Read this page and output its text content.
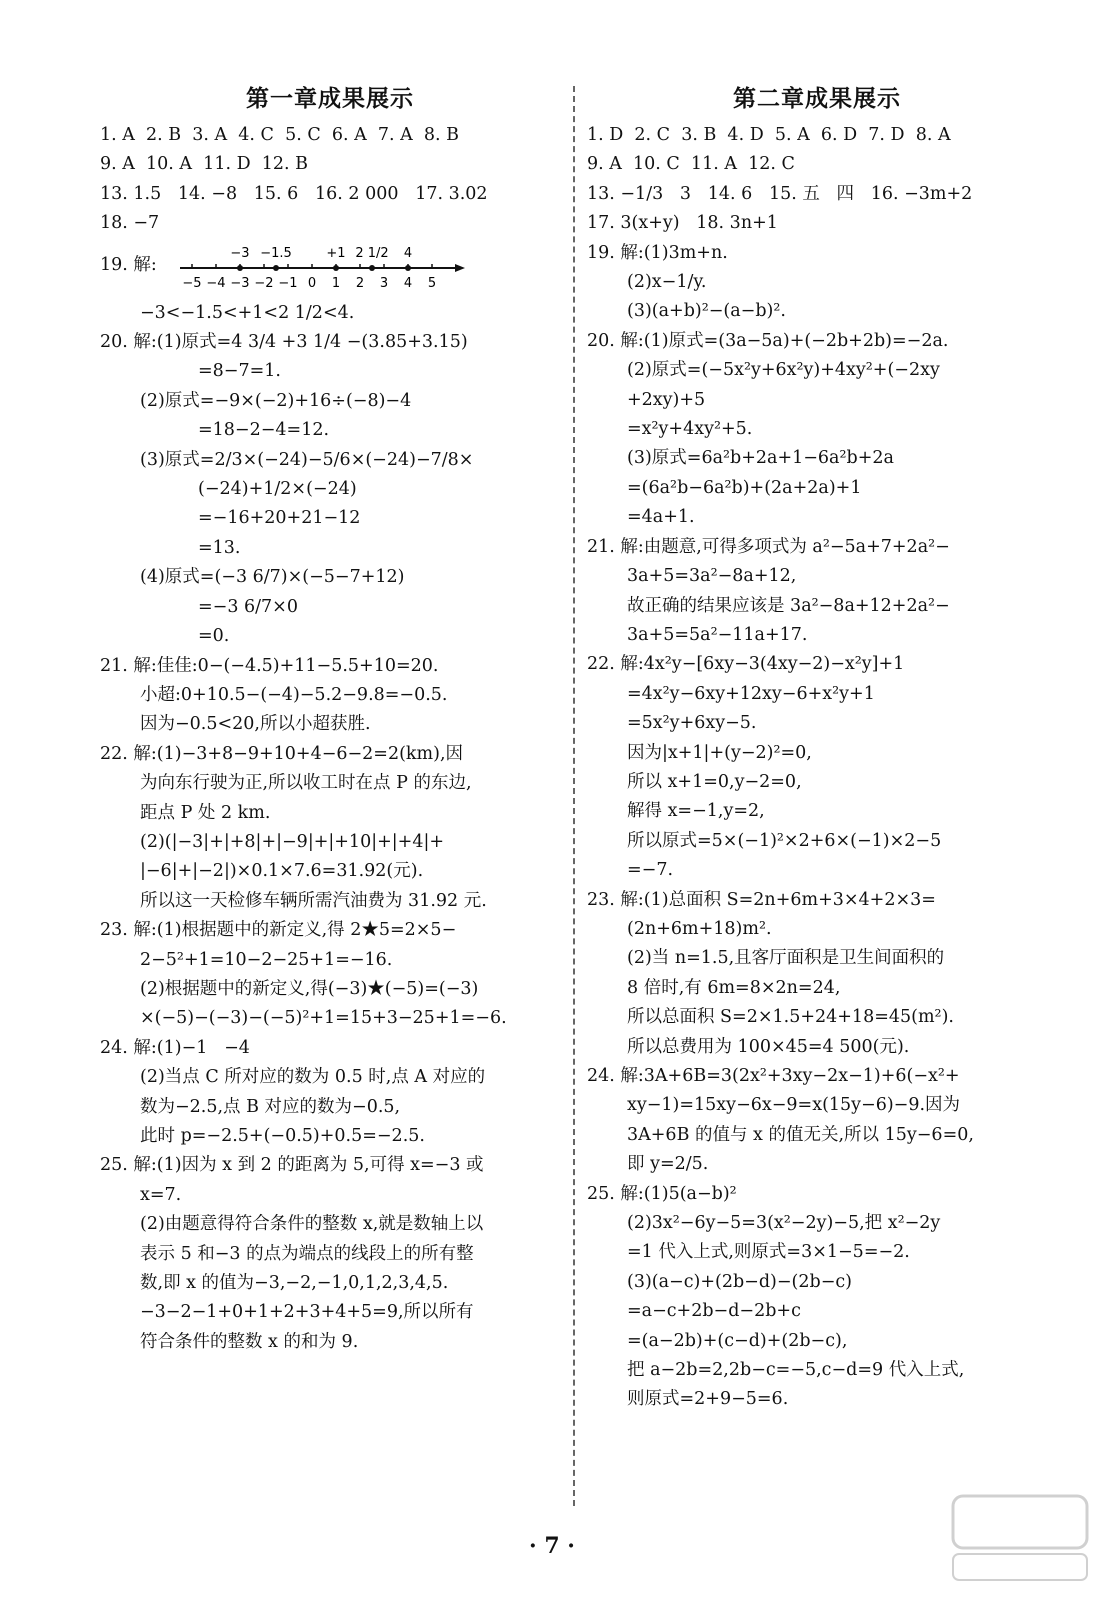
第一章成果展示
1. A  2. B  3. A  4. C  5. C  6. A  7. A  8. B
9. A  10. A  11. D  12. B
13. 1.5   14. −8   15. 6   16. 2 000   17. 3.02
18. −7
19. 解:
−5 −4 −3 −2 −1 0 1 2 3 4 5
−3 −1.5	+1 2 1/2 4
−3<−1.5<+1<2 1/2<4.
20. 解:(1)原式=4 3/4 +3 1/4 −(3.85+3.15)
=8−7=1.
(2)原式=−9×(−2)+16÷(−8)−4
=18−2−4=12.
(3)原式=2/3×(−24)−5/6×(−24)−7/8×
(−24)+1/2×(−24)
=−16+20+21−12
=13.
(4)原式=(−3 6/7)×(−5−7+12)
=−3 6/7×0
=0.
21. 解:佳佳:0−(−4.5)+11−5.5+10=20.
小超:0+10.5−(−4)−5.2−9.8=−0.5.
因为−0.5<20,所以小超获胜.
22. 解:(1)−3+8−9+10+4−6−2=2(km),因
为向东行驶为正,所以收工时在点 P 的东边,
距点 P 处 2 km.
(2)(|−3|+|+8|+|−9|+|+10|+|+4|+
|−6|+|−2|)×0.1×7.6=31.92(元).
所以这一天检修车辆所需汽油费为 31.92 元.
23. 解:(1)根据题中的新定义,得 2★5=2×5−
2−5²+1=10−2−25+1=−16.
(2)根据题中的新定义,得(−3)★(−5)=(−3)
×(−5)−(−3)−(−5)²+1=15+3−25+1=−6.
24. 解:(1)−1   −4
(2)当点 C 所对应的数为 0.5 时,点 A 对应的
数为−2.5,点 B 对应的数为−0.5,
此时 p=−2.5+(−0.5)+0.5=−2.5.
25. 解:(1)因为 x 到 2 的距离为 5,可得 x=−3 或
x=7.
(2)由题意得符合条件的整数 x,就是数轴上以
表示 5 和−3 的点为端点的线段上的所有整
数,即 x 的值为−3,−2,−1,0,1,2,3,4,5.
−3−2−1+0+1+2+3+4+5=9,所以所有
符合条件的整数 x 的和为 9.
第二章成果展示
1. D  2. C  3. B  4. D  5. A  6. D  7. D  8. A
9. A  10. C  11. A  12. C
13. −1/3   3   14. 6   15. 五   四   16. −3m+2
17. 3(x+y)   18. 3n+1
19. 解:(1)3m+n.
(2)x−1/y.
(3)(a+b)²−(a−b)².
20. 解:(1)原式=(3a−5a)+(−2b+2b)=−2a.
(2)原式=(−5x²y+6x²y)+4xy²+(−2xy
+2xy)+5
=x²y+4xy²+5.
(3)原式=6a²b+2a+1−6a²b+2a
=(6a²b−6a²b)+(2a+2a)+1
=4a+1.
21. 解:由题意,可得多项式为 a²−5a+7+2a²−
3a+5=3a²−8a+12,
故正确的结果应该是 3a²−8a+12+2a²−
3a+5=5a²−11a+17.
22. 解:4x²y−[6xy−3(4xy−2)−x²y]+1
=4x²y−6xy+12xy−6+x²y+1
=5x²y+6xy−5.
因为|x+1|+(y−2)²=0,
所以 x+1=0,y−2=0,
解得 x=−1,y=2,
所以原式=5×(−1)²×2+6×(−1)×2−5
=−7.
23. 解:(1)总面积 S=2n+6m+3×4+2×3=
(2n+6m+18)m².
(2)当 n=1.5,且客厅面积是卫生间面积的
8 倍时,有 6m=8×2n=24,
所以总面积 S=2×1.5+24+18=45(m²).
所以总费用为 100×45=4 500(元).
24. 解:3A+6B=3(2x²+3xy−2x−1)+6(−x²+
xy−1)=15xy−6x−9=x(15y−6)−9.因为
3A+6B 的值与 x 的值无关,所以 15y−6=0,
即 y=2/5.
25. 解:(1)5(a−b)²
(2)3x²−6y−5=3(x²−2y)−5,把 x²−2y
=1 代入上式,则原式=3×1−5=−2.
(3)(a−c)+(2b−d)−(2b−c)
=a−c+2b−d−2b+c
=(a−2b)+(c−d)+(2b−c),
把 a−2b=2,2b−c=−5,c−d=9 代入上式,
则原式=2+9−5=6.
· 7 ·
